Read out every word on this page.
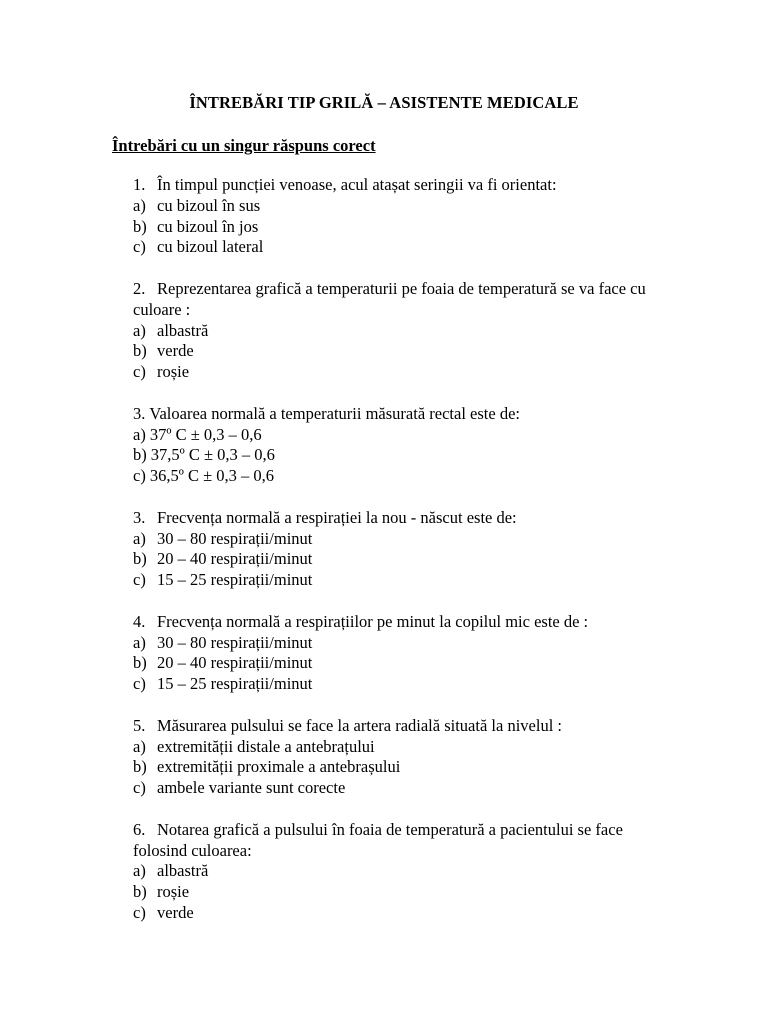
ÎNTREBĂRI TIP GRILĂ – ASISTENTE MEDICALE
Întrebări cu un singur răspuns corect
1. În timpul puncției venoase, acul atașat seringii va fi orientat:
a) cu bizoul în sus
b) cu bizoul în jos
c) cu bizoul lateral
2. Reprezentarea grafică a temperaturii pe foaia de temperatură se va face cu culoare :
a) albastră
b) verde
c) roșie
3. Valoarea normală a temperaturii măsurată rectal este de:
a) 37º C ± 0,3 – 0,6
b) 37,5º C ± 0,3 – 0,6
c) 36,5º C ± 0,3 – 0,6
3. Frecvența normală a respirației la nou - născut este de:
a) 30 – 80 respirații/minut
b) 20 – 40 respirații/minut
c) 15 – 25 respirații/minut
4. Frecvența normală a respirațiilor pe minut la copilul mic este de :
a) 30 – 80 respirații/minut
b) 20 – 40 respirații/minut
c) 15 – 25 respirații/minut
5. Măsurarea pulsului se face la artera radială situată la nivelul :
a) extremității distale a antebrațului
b) extremității proximale a antebrașului
c) ambele variante sunt corecte
6. Notarea grafică a pulsului în foaia de temperatură a pacientului se face folosind culoarea:
a) albastră
b) roșie
c) verde
